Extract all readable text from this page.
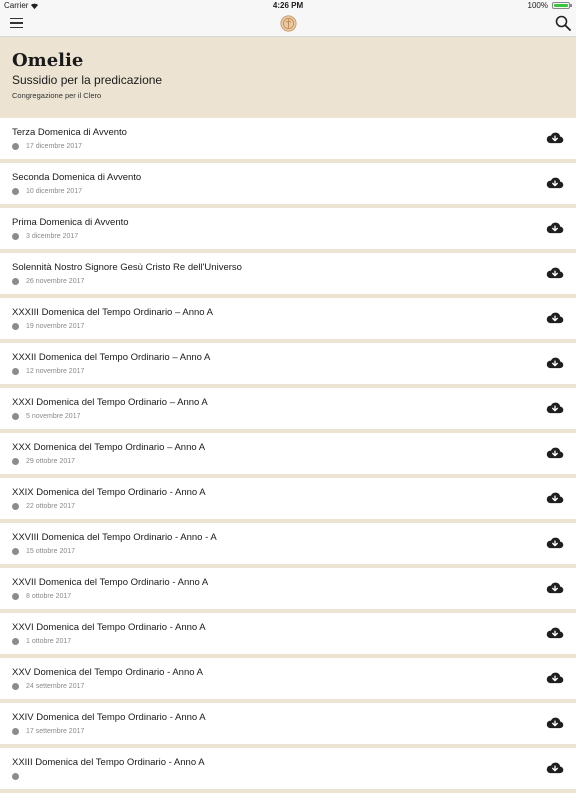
Carrier	4:26 PM	100%
Omelie
Sussidio per la predicazione
Congregazione per il Clero
Terza Domenica di Avvento
17 dicembre 2017
Seconda Domenica di Avvento
10 dicembre 2017
Prima Domenica di Avvento
3 dicembre 2017
Solennità Nostro Signore Gesù Cristo Re dell'Universo
26 novembre 2017
XXXIII Domenica del Tempo Ordinario – Anno A
19 novembre 2017
XXXII Domenica del Tempo Ordinario – Anno A
12 novembre 2017
XXXI Domenica del Tempo Ordinario – Anno A
5 novembre 2017
XXX Domenica del Tempo Ordinario – Anno A
29 ottobre 2017
XXIX Domenica del Tempo Ordinario - Anno A
22 ottobre 2017
XXVIII Domenica del Tempo Ordinario - Anno - A
15 ottobre 2017
XXVII Domenica del Tempo Ordinario - Anno A
8 ottobre 2017
XXVI Domenica del Tempo Ordinario - Anno A
1 ottobre 2017
XXV Domenica del Tempo Ordinario - Anno A
24 settembre 2017
XXIV Domenica del Tempo Ordinario - Anno A
17 settembre 2017
XXIII Domenica del Tempo Ordinario - Anno A
